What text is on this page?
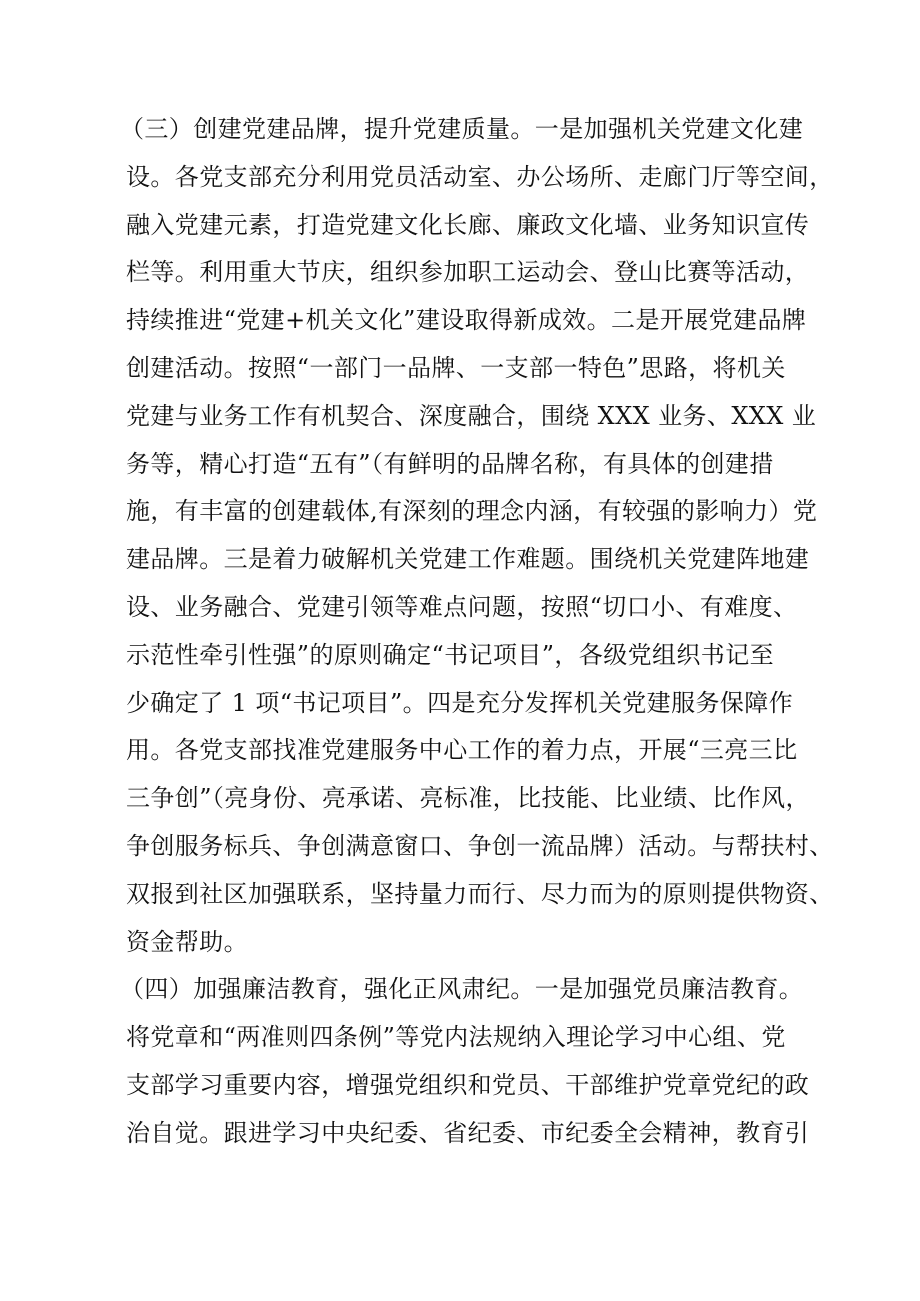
（三）创建党建品牌，提升党建质量。一是加强机关党建文化建
设。各党支部充分利用党员活动室、办公场所、走廊门厅等空间，
融入党建元素，打造党建文化长廊、廉政文化墙、业务知识宣传
栏等。利用重大节庆，组织参加职工运动会、登山比赛等活动，
持续推进“党建+机关文化”建设取得新成效。二是开展党建品牌
创建活动。按照“一部门一品牌、一支部一特色”思路，将机关
党建与业务工作有机契合、深度融合，围绕 XXX 业务、XXX 业
务等，精心打造“五有”（有鲜明的品牌名称，有具体的创建措
施，有丰富的创建载体,有深刻的理念内涵，有较强的影响力）党
建品牌。三是着力破解机关党建工作难题。围绕机关党建阵地建
设、业务融合、党建引领等难点问题，按照“切口小、有难度、
示范性牵引性强”的原则确定“书记项目”，各级党组织书记至
少确定了 1 项“书记项目”。四是充分发挥机关党建服务保障作
用。各党支部找准党建服务中心工作的着力点，开展“三亮三比
三争创”（亮身份、亮承诺、亮标准，比技能、比业绩、比作风，
争创服务标兵、争创满意窗口、争创一流品牌）活动。与帮扶村、
双报到社区加强联系，坚持量力而行、尽力而为的原则提供物资、
资金帮助。
（四）加强廉洁教育，强化正风肃纪。一是加强党员廉洁教育。
将党章和“两准则四条例”等党内法规纳入理论学习中心组、党
支部学习重要内容，增强党组织和党员、干部维护党章党纪的政
治自觉。跟进学习中央纪委、省纪委、市纪委全会精神，教育引
